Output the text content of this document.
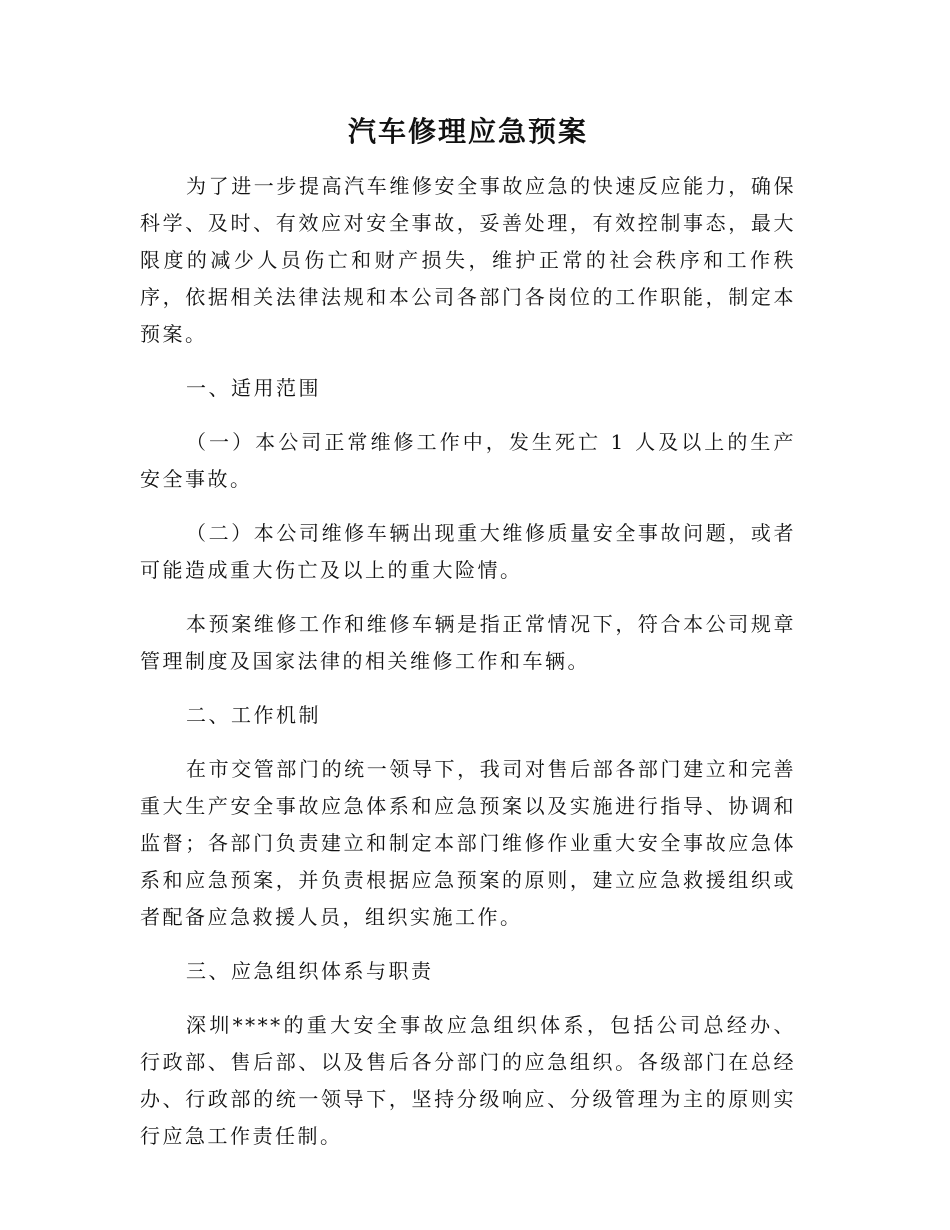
汽车修理应急预案

为了进一步提高汽车维修安全事故应急的快速反应能力，确保科学、及时、有效应对安全事故，妥善处理，有效控制事态，最大限度的减少人员伤亡和财产损失，维护正常的社会秩序和工作秩序，依据相关法律法规和本公司各部门各岗位的工作职能，制定本预案。

一、适用范围

（一）本公司正常维修工作中，发生死亡 1 人及以上的生产安全事故。

（二）本公司维修车辆出现重大维修质量安全事故问题，或者可能造成重大伤亡及以上的重大险情。

本预案维修工作和维修车辆是指正常情况下，符合本公司规章管理制度及国家法律的相关维修工作和车辆。

二、工作机制

在市交管部门的统一领导下，我司对售后部各部门建立和完善重大生产安全事故应急体系和应急预案以及实施进行指导、协调和监督；各部门负责建立和制定本部门维修作业重大安全事故应急体系和应急预案，并负责根据应急预案的原则，建立应急救援组织或者配备应急救援人员，组织实施工作。

三、应急组织体系与职责

深圳****的重大安全事故应急组织体系，包括公司总经办、行政部、售后部、以及售后各分部门的应急组织。各级部门在总经办、行政部的统一领导下，坚持分级响应、分级管理为主的原则实行应急工作责任制。
